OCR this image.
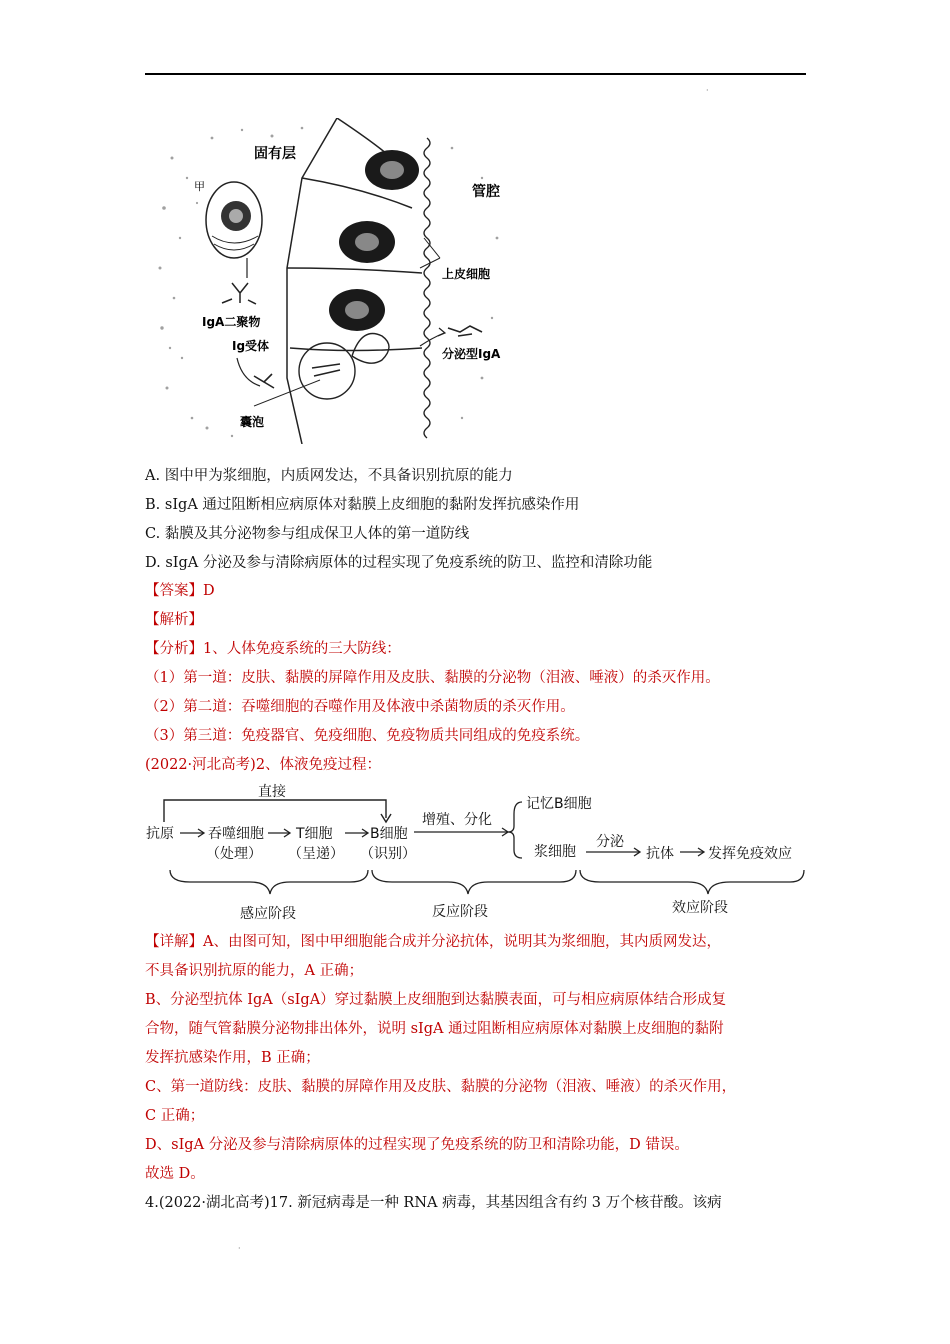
·
固有层
管腔
甲
上皮细胞
IgA二聚物
Ig受体
分泌型IgA
囊泡
A. 图中甲为浆细胞，内质网发达，不具备识别抗原的能力
B. sIgA 通过阻断相应病原体对黏膜上皮细胞的黏附发挥抗感染作用
C. 黏膜及其分泌物参与组成保卫人体的第一道防线
D. sIgA 分泌及参与清除病原体的过程实现了免疫系统的防卫、监控和清除功能
【答案】D
【解析】
【分析】1、人体免疫系统的三大防线：
（1）第一道：皮肤、黏膜的屏障作用及皮肤、黏膜的分泌物（泪液、唾液）的杀灭作用。
（2）第二道：吞噬细胞的吞噬作用及体液中杀菌物质的杀灭作用。
（3）第三道：免疫器官、免疫细胞、免疫物质共同组成的免疫系统。
(2022·河北高考)2、体液免疫过程：
直接
抗原 吞噬细胞
（处理）
T细胞
（呈递）
B细胞
（识别）
增殖、分化
记忆B细胞
浆细胞
分泌
抗体 发挥免疫效应
感应阶段	反应阶段	效应阶段
【详解】A、由图可知，图中甲细胞能合成并分泌抗体，说明其为浆细胞，其内质网发达，
不具备识别抗原的能力，A 正确；
B、分泌型抗体 IgA（sIgA）穿过黏膜上皮细胞到达黏膜表面，可与相应病原体结合形成复
合物，随气管黏膜分泌物排出体外，说明 sIgA 通过阻断相应病原体对黏膜上皮细胞的黏附
发挥抗感染作用，B 正确；
C、第一道防线：皮肤、黏膜的屏障作用及皮肤、黏膜的分泌物（泪液、唾液）的杀灭作用，
C 正确；
D、sIgA 分泌及参与清除病原体的过程实现了免疫系统的防卫和清除功能，D 错误。
故选 D。
4.(2022·湖北高考)17. 新冠病毒是一种 RNA 病毒，其基因组含有约 3 万个核苷酸。该病
·
